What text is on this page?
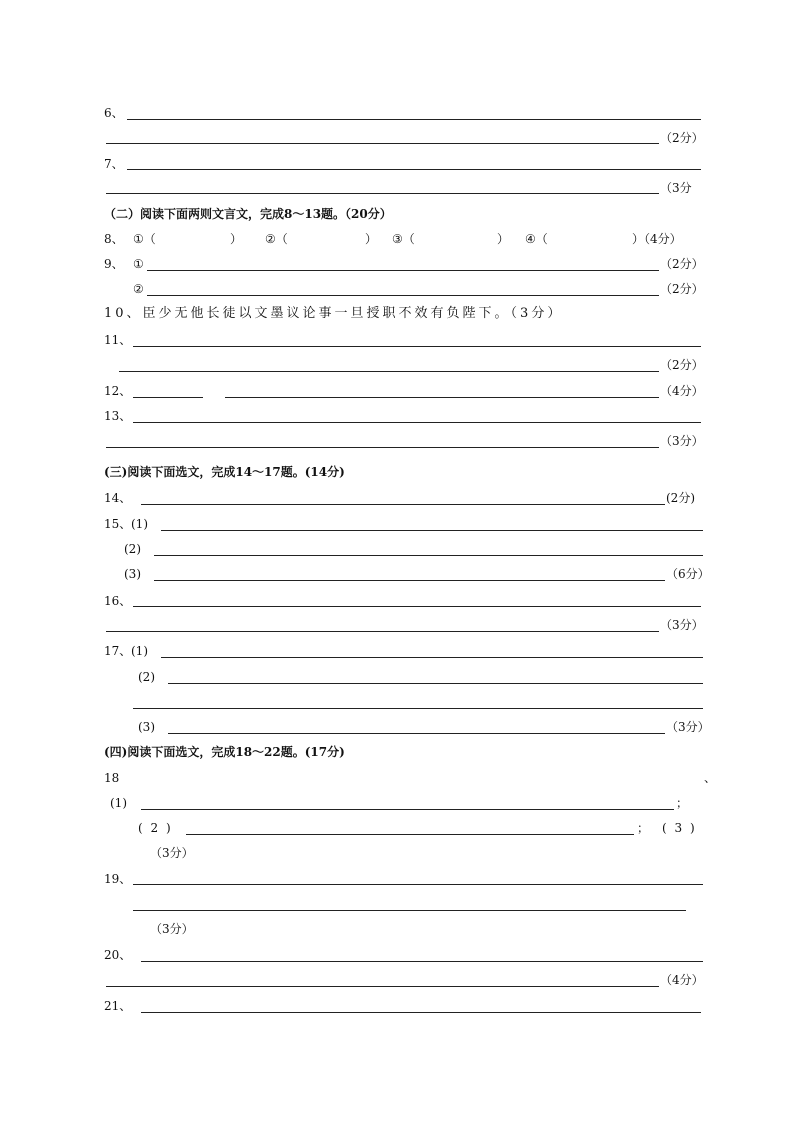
6、
（2分）
7、
（3分
（二）阅读下面两则文言文，完成8～13题。（20分）
8、 ①（	） ②（	） ③（	） ④（	）（4分）
9、 ①	（2分）
②	（2分）
10、臣少无他长徒以文墨议论事一旦授职不效有负陛下。（3分）
11、
（2分）
12、	（4分）
13、
（3分）
(三)阅读下面选文，完成14～17题。(14分)
14、	(2分)
15、 (1)
(2)
(3)	（6分）
16、
（3分）
17、 (1)
(2)
(3)	（3分）
(四)阅读下面选文，完成18～22题。(17分)
18	、
(1)	；
( 2 )	； ( 3 )
（3分）
19、
（3分）
20、
（4分）
21、
